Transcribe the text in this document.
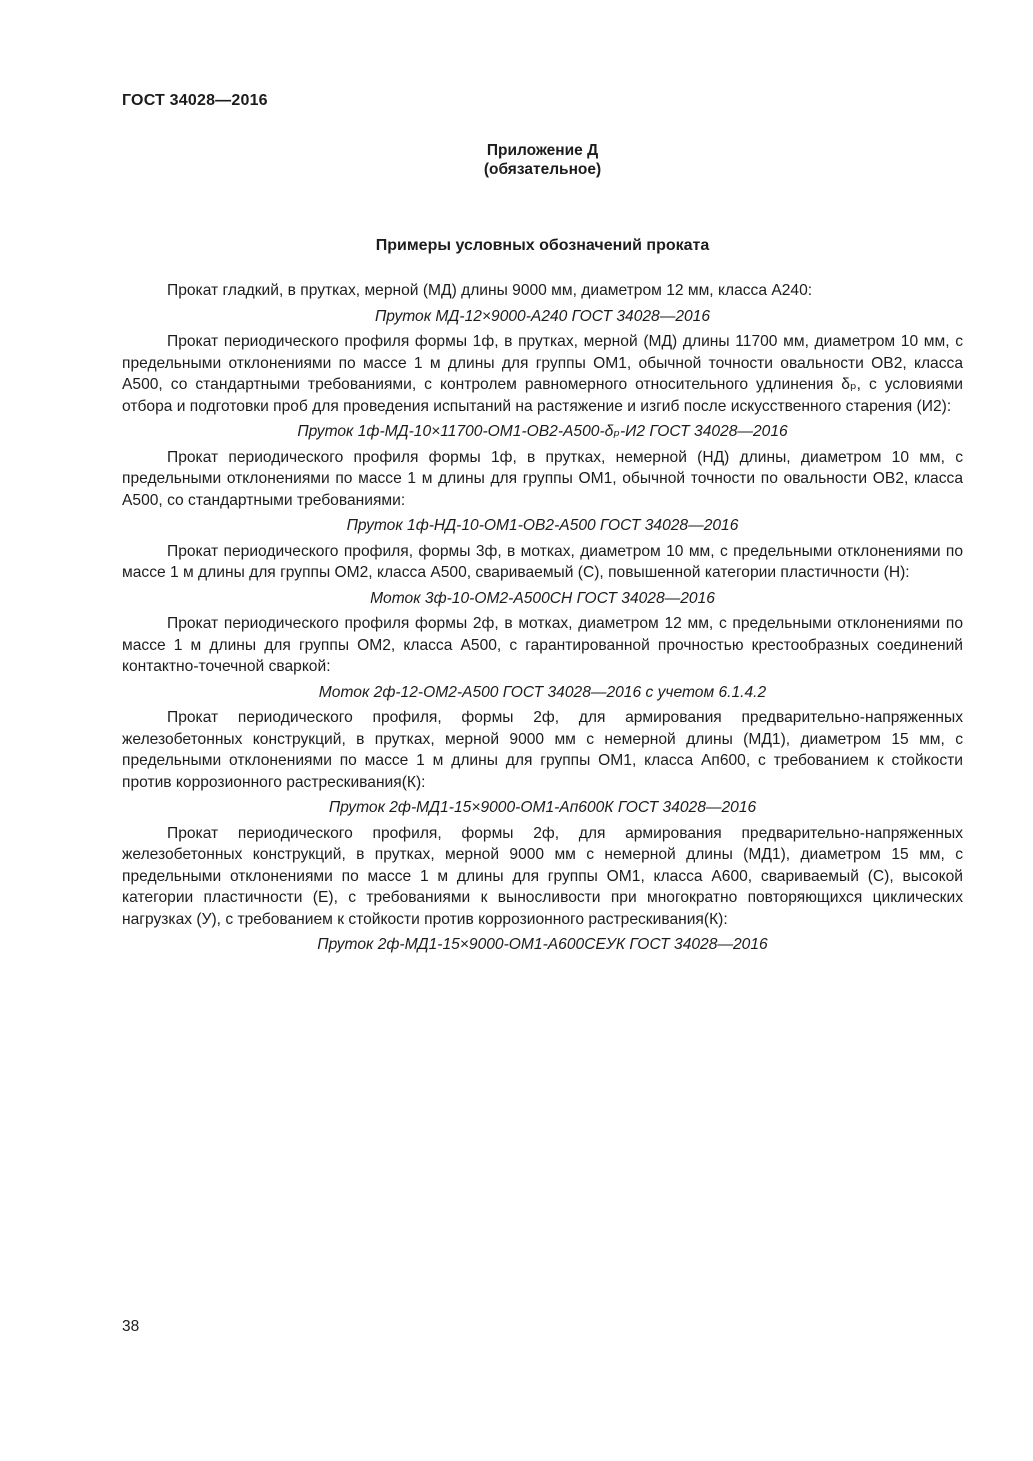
ГОСТ 34028—2016
Приложение Д
(обязательное)
Примеры условных обозначений проката

Прокат гладкий, в прутках, мерной (МД) длины 9000 мм, диаметром 12 мм, класса А240:

Пруток МД-12×9000-А240 ГОСТ 34028—2016

Прокат периодического профиля формы 1ф, в прутках, мерной (МД) длины 11700 мм, диаметром 10 мм, с предельными отклонениями по массе 1 м длины для группы ОМ1, обычной точности овальности ОВ2, класса А500, со стандартными требованиями, с контролем равномерного относительного удлинения δₚ, с условиями отбора и подготовки проб для проведения испытаний на растяжение и изгиб после искусственного старения (И2):

Пруток 1ф-МД-10×11700-ОМ1-ОВ2-А500-δₚ-И2 ГОСТ 34028—2016

Прокат периодического профиля формы 1ф, в прутках, немерной (НД) длины, диаметром 10 мм, с предельными отклонениями по массе 1 м длины для группы ОМ1, обычной точности по овальности ОВ2, класса А500, со стандартными требованиями:

Пруток 1ф-НД-10-ОМ1-ОВ2-А500 ГОСТ 34028—2016

Прокат периодического профиля, формы 3ф, в мотках, диаметром 10 мм, с предельными отклонениями по массе 1 м длины для группы ОМ2, класса А500, свариваемый (С), повышенной категории пластичности (Н):

Моток 3ф-10-ОМ2-А500СН ГОСТ 34028—2016

Прокат периодического профиля формы 2ф, в мотках, диаметром 12 мм, с предельными отклонениями по массе 1 м длины для группы ОМ2, класса А500, с гарантированной прочностью крестообразных соединений контактно-точечной сваркой:

Моток 2ф-12-ОМ2-А500 ГОСТ 34028—2016 с учетом 6.1.4.2

Прокат периодического профиля, формы 2ф, для армирования предварительно-напряженных железобетонных конструкций, в прутках, мерной 9000 мм с немерной длины (МД1), диаметром 15 мм, с предельными отклонениями по массе 1 м длины для группы ОМ1, класса Ап600, с требованием к стойкости против коррозионного растрескивания(К):

Пруток 2ф-МД1-15×9000-ОМ1-Ап600К ГОСТ 34028—2016

Прокат периодического профиля, формы 2ф, для армирования предварительно-напряженных железобетонных конструкций, в прутках, мерной 9000 мм с немерной длины (МД1), диаметром 15 мм, с предельными отклонениями по массе 1 м длины для группы ОМ1, класса А600, свариваемый (С), высокой категории пластичности (Е), с требованиями к выносливости при многократно повторяющихся циклических нагрузках (У), с требованием к стойкости против коррозионного растрескивания(К):

Пруток 2ф-МД1-15×9000-ОМ1-А600СЕУК ГОСТ 34028—2016

38
